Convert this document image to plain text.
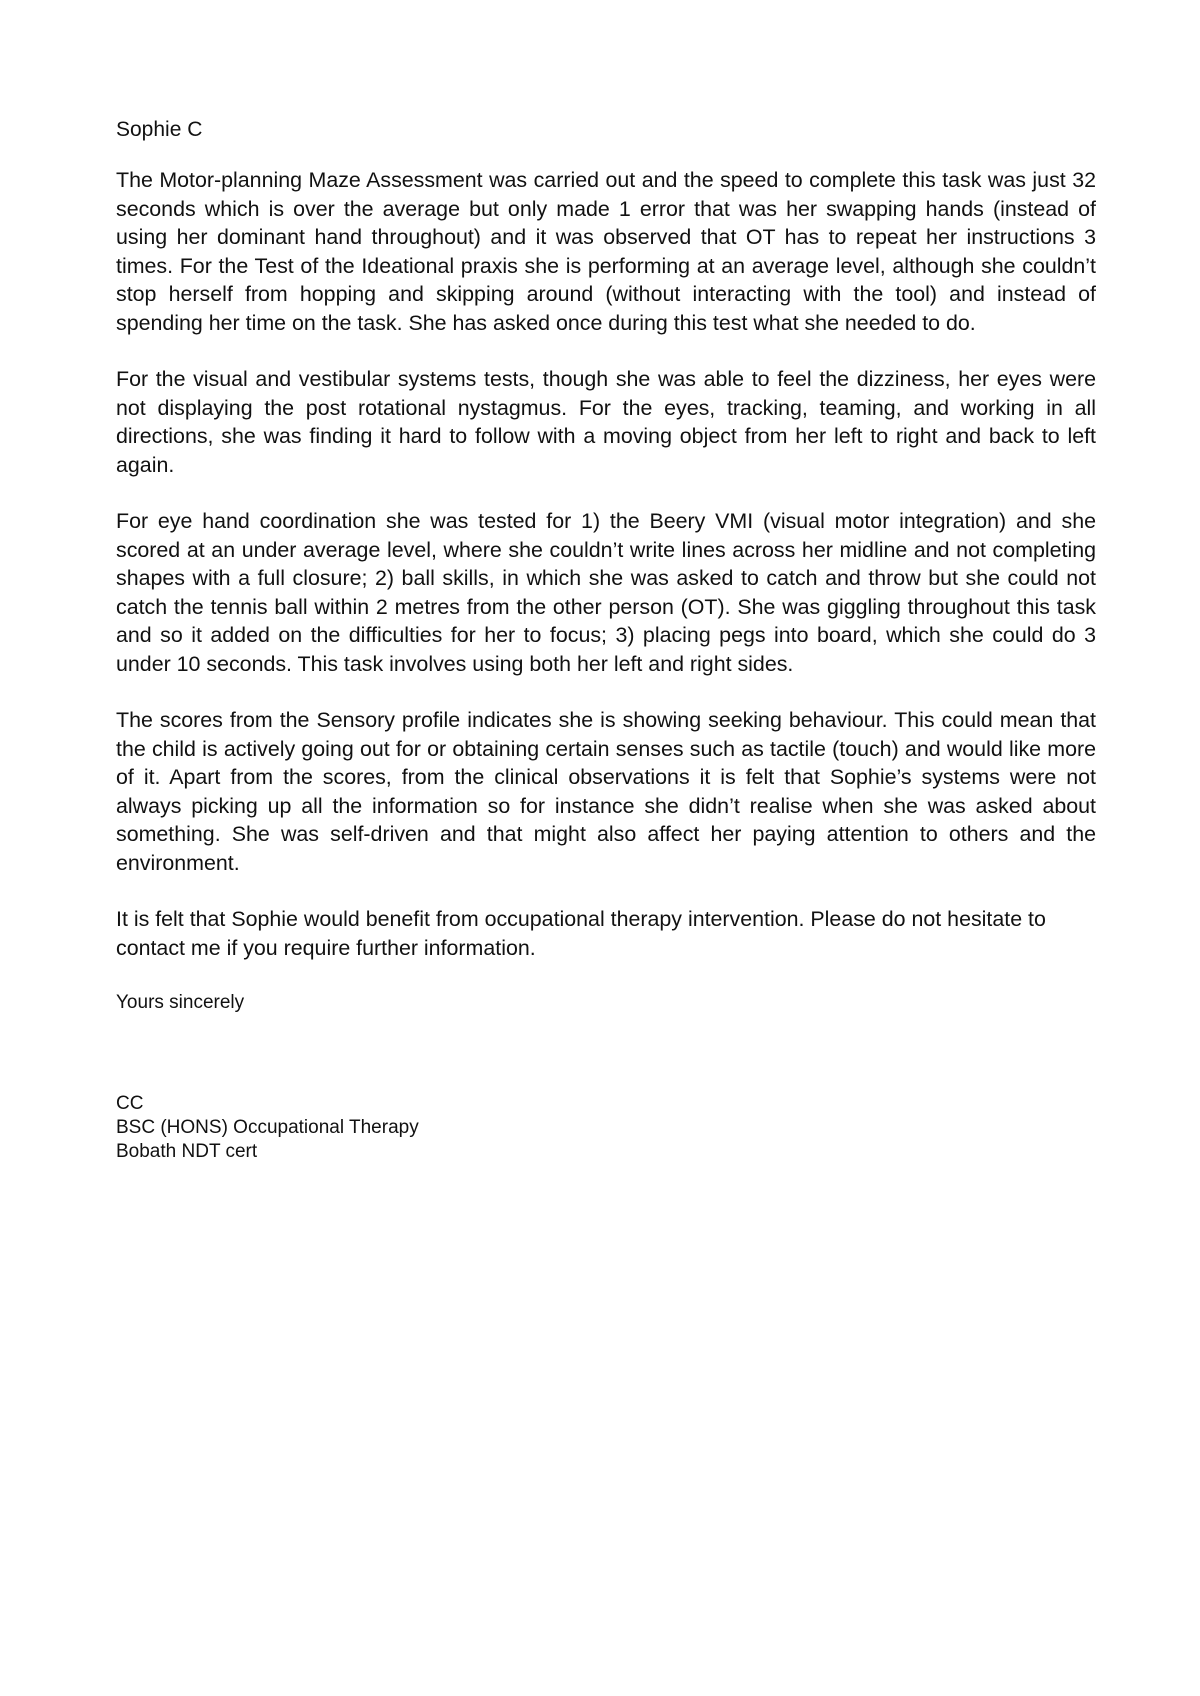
Sophie C

The Motor-planning Maze Assessment was carried out and the speed to complete this task was just 32 seconds which is over the average but only made 1 error that was her swapping hands (instead of using her dominant hand throughout) and it was observed that OT has to repeat her instructions 3 times. For the Test of the Ideational praxis she is performing at an average level, although she couldn’t stop herself from hopping and skipping around (without interacting with the tool) and instead of spending her time on the task. She has asked once during this test what she needed to do.

For the visual and vestibular systems tests, though she was able to feel the dizziness, her eyes were not displaying the post rotational nystagmus. For the eyes, tracking, teaming, and working in all directions, she was finding it hard to follow with a moving object from her left to right and back to left again.

For eye hand coordination she was tested for 1) the Beery VMI (visual motor integration) and she scored at an under average level, where she couldn’t write lines across her midline and not completing shapes with a full closure; 2) ball skills, in which she was asked to catch and throw but she could not catch the tennis ball within 2 metres from the other person (OT). She was giggling throughout this task and so it added on the difficulties for her to focus; 3) placing pegs into board, which she could do 3 under 10 seconds. This task involves using both her left and right sides.

The scores from the Sensory profile indicates she is showing seeking behaviour. This could mean that the child is actively going out for or obtaining certain senses such as tactile (touch) and would like more of it. Apart from the scores, from the clinical observations it is felt that Sophie’s systems were not always picking up all the information so for instance she didn’t realise when she was asked about something. She was self-driven and that might also affect her paying attention to others and the environment.

It is felt that Sophie would benefit from occupational therapy intervention. Please do not hesitate to contact me if you require further information.

Yours sincerely

CC

BSC (HONS) Occupational Therapy

Bobath NDT cert
